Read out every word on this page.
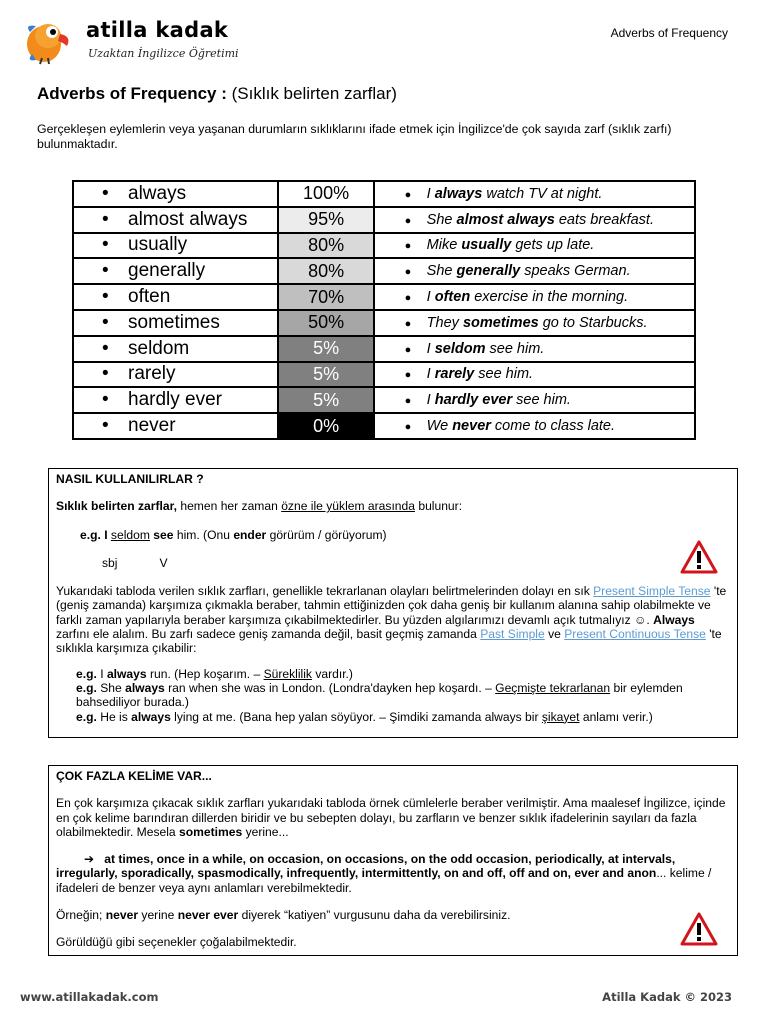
atilla kadak
Uzaktan İngilizce Öğretimi
Adverbs of Frequency
Adverbs of Frequency : (Sıklık belirten zarflar)
Gerçekleşen eylemlerin veya yaşanan durumların sıklıklarını ifade etmek için İngilizce'de çok sayıda zarf (sıklık zarfı) bulunmaktadır.
• always	100%	● I always watch TV at night.
• almost always	95%	● She almost always eats breakfast.
• usually	80%	● Mike usually gets up late.
• generally	80%	● She generally speaks German.
• often	70%	● I often exercise in the morning.
• sometimes	50%	● They sometimes go to Starbucks.
• seldom	5%	● I seldom see him.
• rarely	5%	● I rarely see him.
• hardly ever	5%	● I hardly ever see him.
• never	0%	● We never come to class late.

NASIL KULLANILIRLAR ?

Sıklık belirten zarflar, hemen her zaman özne ile yüklem arasında bulunur:

e.g. I seldom see him. (Onu ender görürüm / görüyorum)

sbj	V

Yukarıdaki tabloda verilen sıklık zarfları, genellikle tekrarlanan olayları belirtmelerinden dolayı en sık Present Simple Tense 'te (geniş zamanda) karşımıza çıkmakla beraber, tahmin ettiğinizden çok daha geniş bir kullanım alanına sahip olabilmekte ve farklı zaman yapılarıyla beraber karşımıza çıkabilmektedirler. Bu yüzden algılarımızı devamlı açık tutmalıyız ☺. Always zarfını ele alalım. Bu zarfı sadece geniş zamanda değil, basit geçmiş zamanda Past Simple ve Present Continuous Tense 'te sıklıkla karşımıza çıkabilir:

e.g. I always run. (Hep koşarım. – Süreklilik vardır.)

e.g. She always ran when she was in London. (Londra'dayken hep koşardı. – Geçmişte tekrarlanan bir eylemden bahsediliyor burada.)

e.g. He is always lying at me. (Bana hep yalan söyüyor. – Şimdiki zamanda always bir şikayet anlamı verir.)

ÇOK FAZLA KELİME VAR...

En çok karşımıza çıkacak sıklık zarfları yukarıdaki tabloda örnek cümlelerle beraber verilmiştir. Ama maalesef İngilizce, içinde en çok kelime barındıran dillerden biridir ve bu sebepten dolayı, bu zarfların ve benzer sıklık ifadelerinin sayıları da fazla olabilmektedir. Mesela sometimes yerine...

➔ at times, once in a while, on occasion, on occasions, on the odd occasion, periodically, at intervals, irregularly, sporadically, spasmodically, infrequently, intermittently, on and off, off and on, ever and anon... kelime / ifadeleri de benzer veya aynı anlamları verebilmektedir.

Örneğin; never yerine never ever diyerek “katiyen” vurgusunu daha da verebilirsiniz.

Görüldüğü gibi seçenekler çoğalabilmektedir.

www.atillakadak.com	Atilla Kadak © 2023
